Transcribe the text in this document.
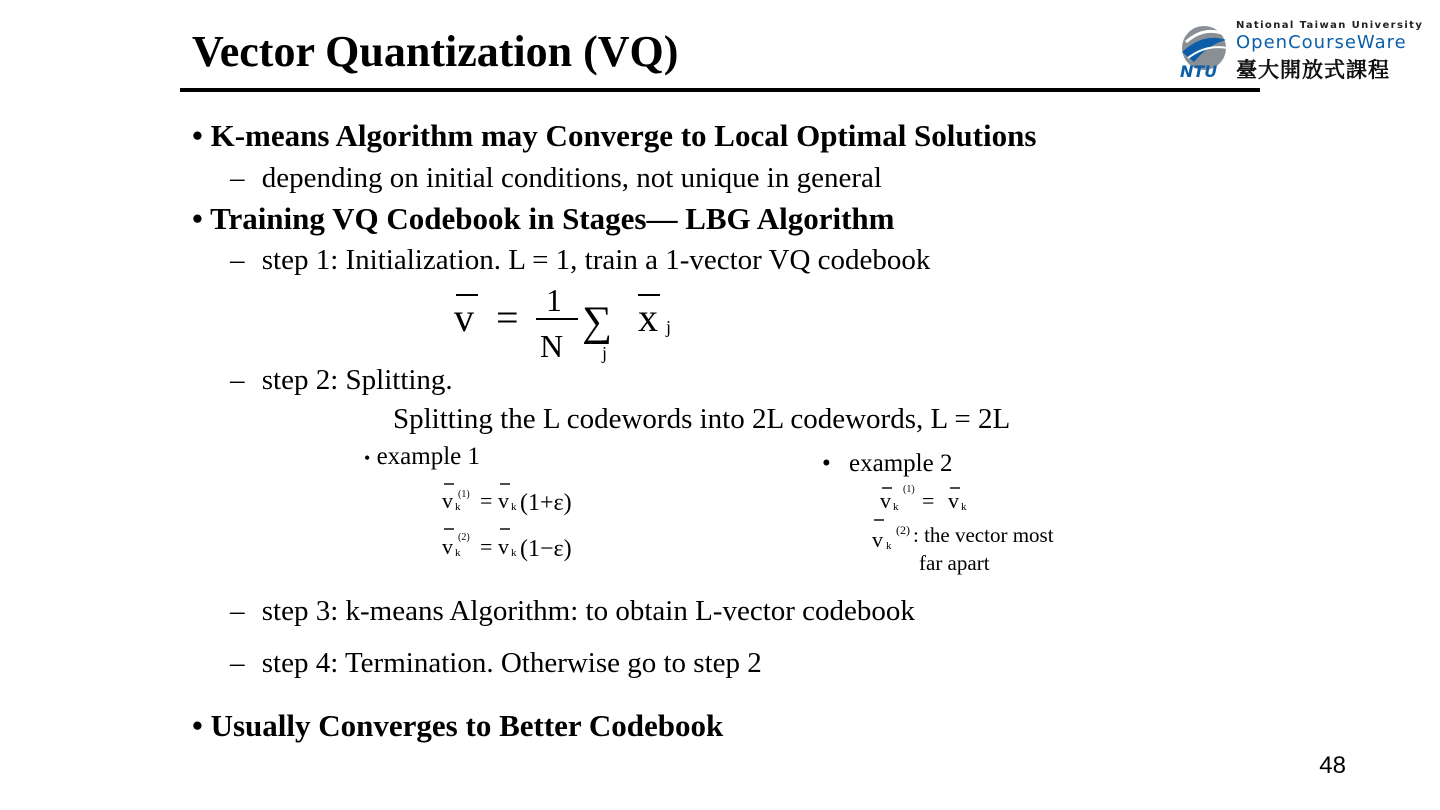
Vector Quantization (VQ)	NTU
National Taiwan University
OpenCourseWare
臺大開放式課程
• K-means Algorithm may Converge to Local Optimal Solutions
– depending on initial conditions, not unique in general
• Training VQ Codebook in Stages― LBG Algorithm
– step 1: Initialization. L = 1, train a 1-vector VQ codebook
v = 1
N
∑
j
x j
– step 2: Splitting.
Splitting the L codewords into 2L codewords, L = 2L
• example 1
v k
(1) = v k (1+ε)
v k
(2) = v k (1−ε)
• example 2
v k
(1) = v k
v k
(2) : the vector most
far apart
– step 3: k-means Algorithm: to obtain L-vector codebook
– step 4: Termination. Otherwise go to step 2
• Usually Converges to Better Codebook
48
